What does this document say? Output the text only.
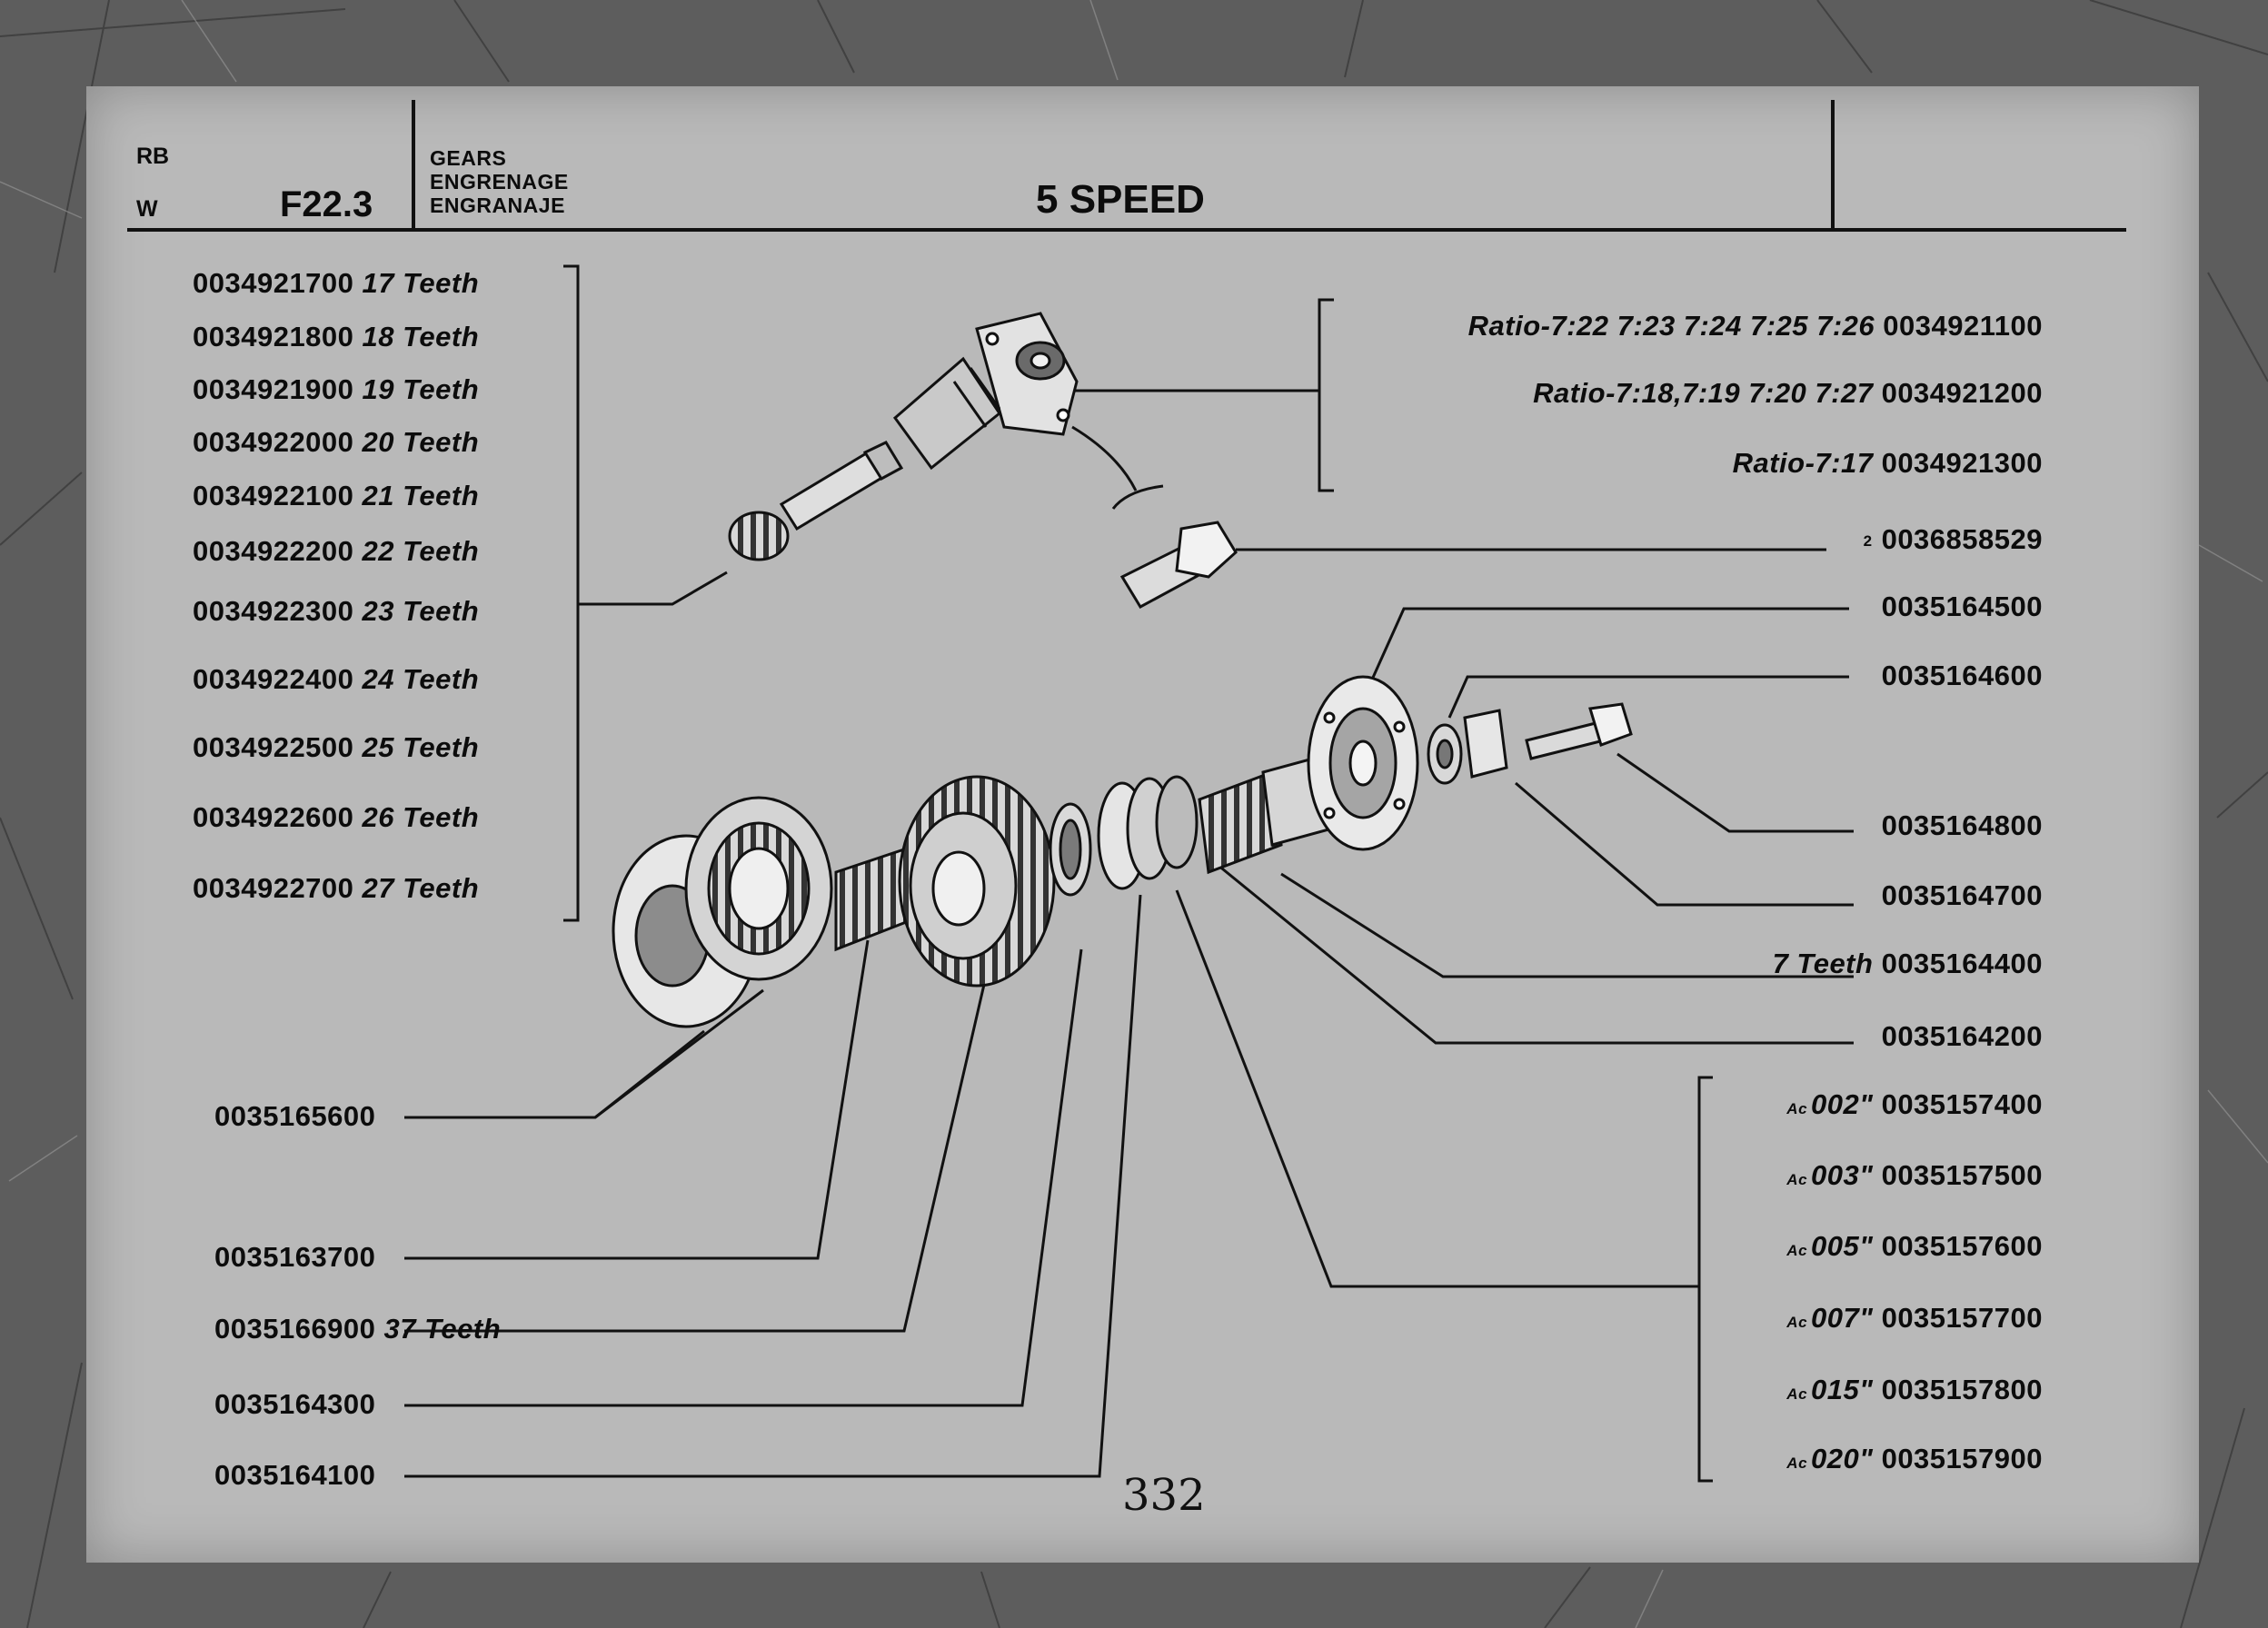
332
RB
W	F22.3
GEARS
ENGRENAGE
ENGRANAJE	5 SPEED
0034921700 17 Teeth
0034921800 18 Teeth
0034921900 19 Teeth
0034922000 20 Teeth
0034922100 21 Teeth
0034922200 22 Teeth
0034922300 23 Teeth
0034922400 24 Teeth
0034922500 25 Teeth
0034922600 26 Teeth
0034922700 27 Teeth
Ratio-7:22 7:23 7:24 7:25 7:26 0034921100
Ratio-7:18,7:19 7:20 7:27 0034921200
Ratio-7:17 0034921300
2 0036858529
0035164500
0035164600
0035164800
0035164700
7 Teeth 0035164400
0035164200
Ac 002" 0035157400
Ac 003" 0035157500
Ac 005" 0035157600
Ac 007" 0035157700
Ac 015" 0035157800
Ac 020" 0035157900
0035165600
0035163700
0035166900 37 Teeth
0035164300
0035164100
